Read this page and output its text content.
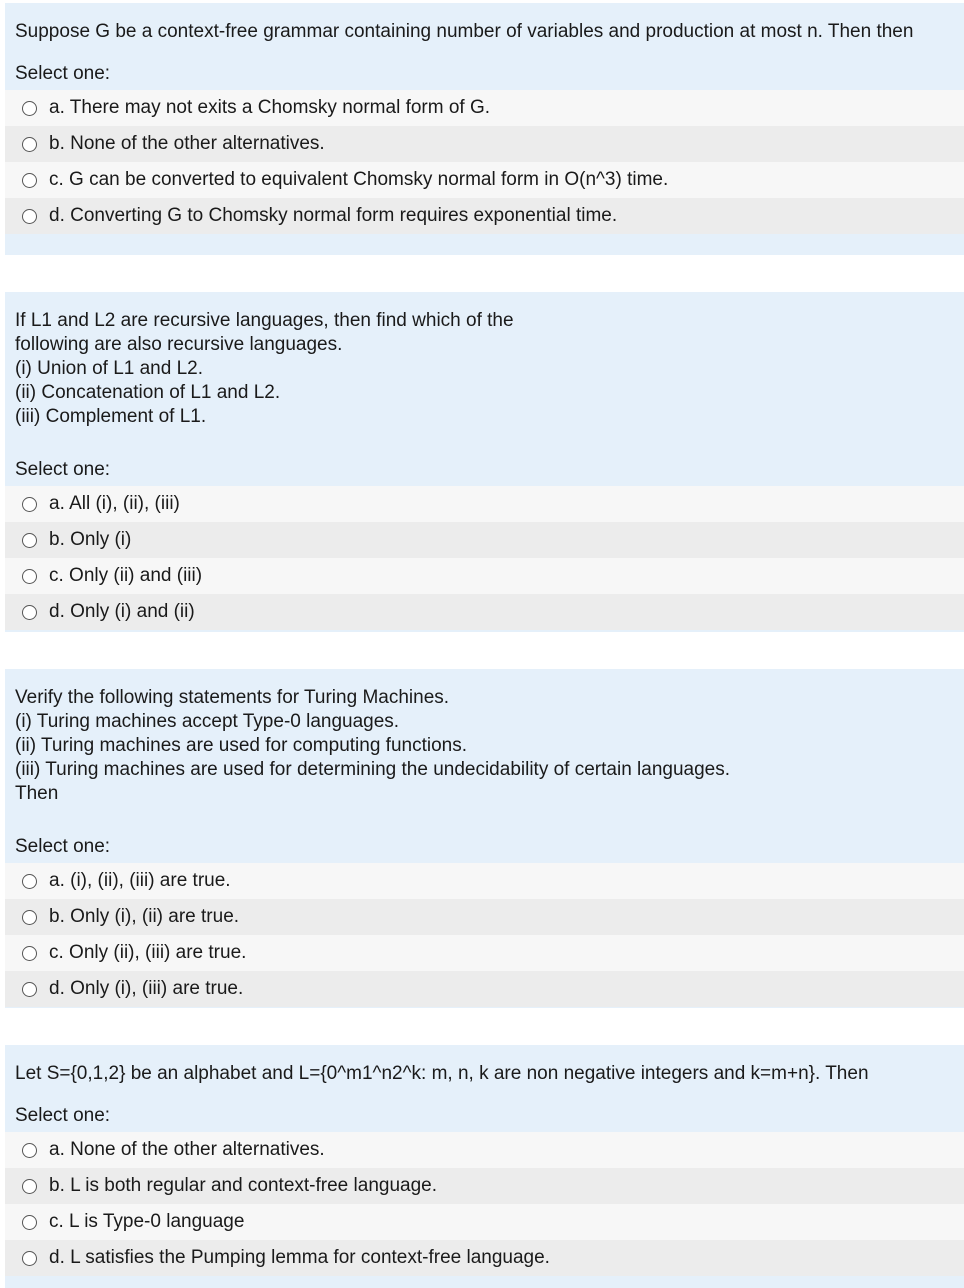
Suppose G be a context-free grammar containing number of variables and production at most n. Then then
Select one:
a. There may not exits a Chomsky normal form of G.
b. None of the other alternatives.
c. G can be converted to equivalent Chomsky normal form in O(n^3) time.
d. Converting G to Chomsky normal form requires exponential time.
If L1 and L2 are recursive languages, then find which of the
following are also recursive languages.
(i) Union of L1 and L2.
(ii) Concatenation of L1 and L2.
(iii) Complement of L1.
Select one:
a. All (i), (ii), (iii)
b. Only (i)
c. Only (ii) and (iii)
d. Only (i) and (ii)
Verify the following statements for Turing Machines.
(i) Turing machines accept Type-0 languages.
(ii) Turing machines are used for computing functions.
(iii) Turing machines are used for determining the undecidability of certain languages.
Then
Select one:
a. (i), (ii), (iii) are true.
b. Only (i), (ii) are true.
c. Only (ii), (iii) are true.
d. Only (i), (iii) are true.
Let S={0,1,2} be an alphabet and L={0^m1^n2^k: m, n, k are non negative integers and k=m+n}. Then
Select one:
a. None of the other alternatives.
b. L is both regular and context-free language.
c. L is Type-0 language
d. L satisfies the Pumping lemma for context-free language.
